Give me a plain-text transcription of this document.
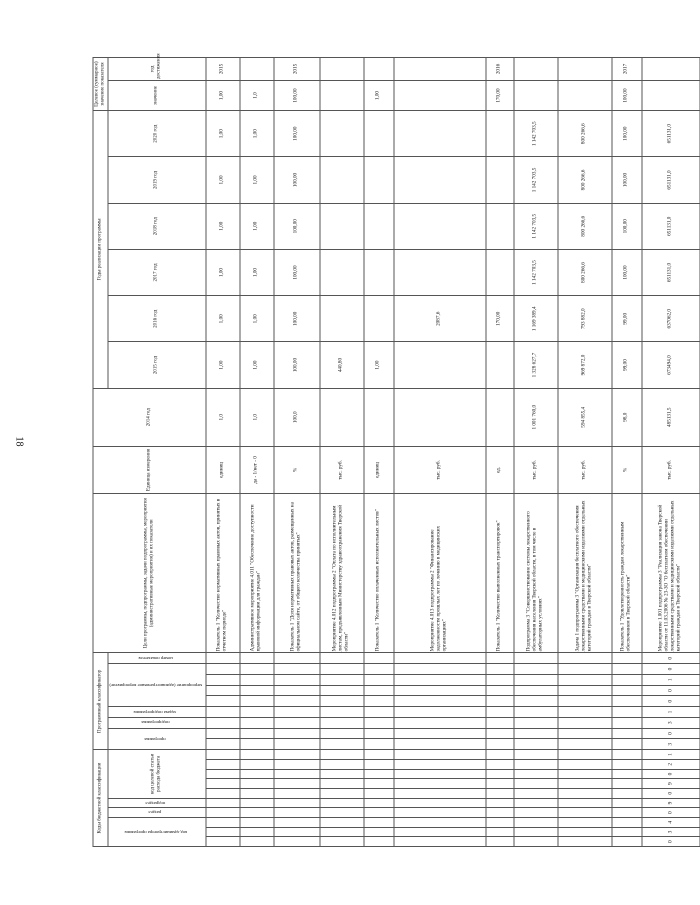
18
Коды бюджетной классификации										Программный классификатор									Цели программы, подпрограммы, задачи подпрограммы, мероприятия (административные мероприятия) и их показатели	Единица измерения	2014 год	Годы реализации программы						Целевое (суммарное) значение показателя	
код администратора программы			раздел	подраздел	код целевой статьи расхода бюджета					программа		подпрограмма	задача подпрограммы	мероприятие (административное мероприятие)				номер показателя				2015 год	2016 год	2017 год	2018 год	2019 год	2020 год	значение	год достижения

																			Показатель 1 "Количество нормативных правовых актов, принятых в отчетном периоде"	единиц	1,0	1,00	1,00	1,00	1,00	1,00	1,00	1,00	2015
																			Административное мероприятие 4.011 "Обеспечение доступности правовой информации для граждан"	да - 1/нет - 0	1,0	1,00	1,00	1,00	1,00	1,00	1,00	1,0	
																			Показатель 1 "Доля нормативных правовых актов, размещенных на официальном сайте, от общего количества принятых"	%	100,0	100,00	100,00	100,00	100,00	100,00	100,00	100,00	2015
																			Мероприятие 4.012 подпрограммы 2 "Оплата по исполнительным листам, предъявленным Министерству здравоохранения Тверской области"	тыс. руб.		440,80							
																			Показатель 1 "Количество оплаченных исполнительных листов"	единиц		1,00						1,00	
																			Мероприятие 4.013 подпрограммы 2 "Финансирование задолженности прошлых лет по лечению в медицинских организациях"	тыс. руб.			2087,6						
																			Показатель 1 "Количество выполненных транспортировок"	ед.			170,00					170,00	2016
																			Подпрограмма 3 "Совершенствование системы лекарственного обеспечения населения Тверской области, в том числе в амбулаторных условиях"	тыс. руб.	1 001 760,0	1 328 627,7	1 169 389,4	1 142 703,5	1 142 703,5	1 142 703,5	1 142 703,5		
																			Задача 1 подпрограммы 3 "Организация бесплатного обеспечения лекарственными средствами и медицинскими изделиями отдельных категорий граждан в Тверской области"	тыс. руб.	594 855,4	969 872,0	793 882,0	800 266,6	800 266,6	800 266,6	800 266,6		
																			Показатель 1 "Удовлетворенность граждан лекарственным обеспечением в Тверской области"	%	98,0	99,00	99,00	100,00	100,00	100,00	100,00	100,00	2017
0	3	4	0	9	0	9	0	2	1	3	0	3	1	0	0	1	0	0	Мероприятие 1.001 подпрограммы 3 "Реализация закона Тверской области от 11.03.2006 № 23-ЗО "О бесплатном обеспечении лекарственными средствами и медицинскими изделиями отдельных категорий граждан в Тверской области"	тыс. руб.	485131,5	673494,0	637062,0	651131,0	651131,0	651131,0	651131,0		
